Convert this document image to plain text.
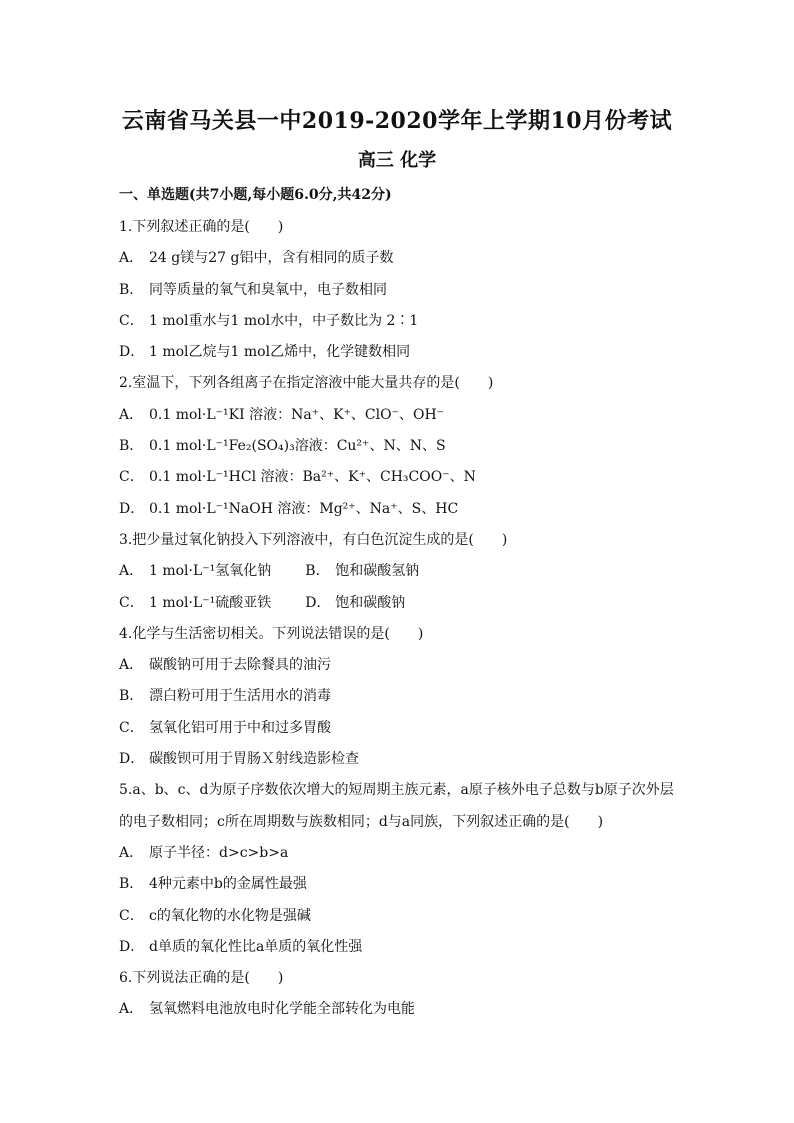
云南省马关县一中2019-2020学年上学期10月份考试
高三 化学
一、单选题(共7小题,每小题6.0分,共42分)
1.下列叙述正确的是(　　)
A． 24 g镁与27 g铝中，含有相同的质子数
B． 同等质量的氧气和臭氧中，电子数相同
C． 1 mol重水与1 mol水中，中子数比为 2∶1
D． 1 mol乙烷与1 mol乙烯中，化学键数相同
2.室温下，下列各组离子在指定溶液中能大量共存的是(　　)
A． 0.1 mol·L⁻¹KI 溶液：Na⁺、K⁺、ClO⁻、OH⁻
B． 0.1 mol·L⁻¹Fe₂(SO₄)₃溶液：Cu²⁺、N、N、S
C． 0.1 mol·L⁻¹HCl 溶液：Ba²⁺、K⁺、CH₃COO⁻、N
D． 0.1 mol·L⁻¹NaOH 溶液：Mg²⁺、Na⁺、S、HC
3.把少量过氧化钠投入下列溶液中，有白色沉淀生成的是(　　)
A． 1 mol·L⁻¹氢氧化钠 B． 饱和碳酸氢钠
C． 1 mol·L⁻¹硫酸亚铁 D． 饱和碳酸钠
4.化学与生活密切相关。下列说法错误的是(　　)
A． 碳酸钠可用于去除餐具的油污
B． 漂白粉可用于生活用水的消毒
C． 氢氧化铝可用于中和过多胃酸
D． 碳酸钡可用于胃肠Ｘ射线造影检查
5.a、b、c、d为原子序数依次增大的短周期主族元素，a原子核外电子总数与b原子次外层
的电子数相同；c所在周期数与族数相同；d与a同族，下列叙述正确的是(　　)
A． 原子半径：d>c>b>a
B． 4种元素中b的金属性最强
C． c的氧化物的水化物是强碱
D． d单质的氧化性比a单质的氧化性强
6.下列说法正确的是(　　)
A． 氢氧燃料电池放电时化学能全部转化为电能
